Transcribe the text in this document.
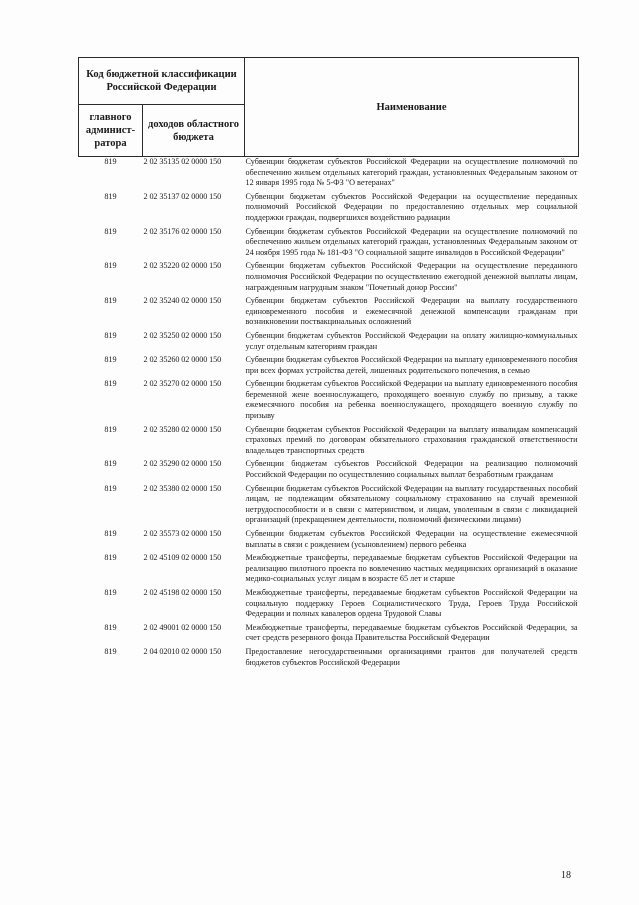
Код бюджетной классификации Российской Федерации		Наименование
главного админист-ратора	доходов областного бюджета	
819	2 02 35135 02 0000 150	Субвенции бюджетам субъектов Российской Федерации на осуществление полномочий по обеспечению жильем отдельных категорий граждан, установленных Федеральным законом от 12 января 1995 года № 5-ФЗ "О ветеранах"
819	2 02 35137 02 0000 150	Субвенции бюджетам субъектов Российской Федерации на осуществление переданных полномочий Российской Федерации по предоставлению отдельных мер социальной поддержки граждан, подвергшихся воздействию радиации
819	2 02 35176 02 0000 150	Субвенции бюджетам субъектов Российской Федерации на осуществление полномочий по обеспечению жильем отдельных категорий граждан, установленных Федеральным законом от 24 ноября 1995 года № 181-ФЗ "О социальной защите инвалидов в Российской Федерации"
819	2 02 35220 02 0000 150	Субвенции бюджетам субъектов Российской Федерации на осуществление переданного полномочия Российской Федерации по осуществлению ежегодной денежной выплаты лицам, награжденным нагрудным знаком "Почетный донор России"
819	2 02 35240 02 0000 150	Субвенции бюджетам субъектов Российской Федерации на выплату государственного единовременного пособия и ежемесячной денежной компенсации гражданам при возникновении поствакцинальных осложнений
819	2 02 35250 02 0000 150	Субвенции бюджетам субъектов Российской Федерации на оплату жилищно-коммунальных услуг отдельным категориям граждан
819	2 02 35260 02 0000 150	Субвенции бюджетам субъектов Российской Федерации на выплату единовременного пособия при всех формах устройства детей, лишенных родительского попечения, в семью
819	2 02 35270 02 0000 150	Субвенции бюджетам субъектов Российской Федерации на выплату единовременного пособия беременной жене военнослужащего, проходящего военную службу по призыву, а также ежемесячного пособия на ребенка военнослужащего, проходящего военную службу по призыву
819	2 02 35280 02 0000 150	Субвенции бюджетам субъектов Российской Федерации на выплату инвалидам компенсаций страховых премий по договорам обязательного страхования гражданской ответственности владельцев транспортных средств
819	2 02 35290 02 0000 150	Субвенции бюджетам субъектов Российской Федерации на реализацию полномочий Российской Федерации по осуществлению социальных выплат безработным гражданам
819	2 02 35380 02 0000 150	Субвенции бюджетам субъектов Российской Федерации на выплату государственных пособий лицам, не подлежащим обязательному социальному страхованию на случай временной нетрудоспособности и в связи с материнством, и лицам, уволенным в связи с ликвидацией организаций (прекращением деятельности, полномочий физическими лицами)
819	2 02 35573 02 0000 150	Субвенции бюджетам субъектов Российской Федерации на осуществление ежемесячной выплаты в связи с рождением (усыновлением) первого ребенка
819	2 02 45109 02 0000 150	Межбюджетные трансферты, передаваемые бюджетам субъектов Российской Федерации на реализацию пилотного проекта по вовлечению частных медицинских организаций в оказание медико-социальных услуг лицам в возрасте 65 лет и старше
819	2 02 45198 02 0000 150	Межбюджетные трансферты, передаваемые бюджетам субъектов Российской Федерации на социальную поддержку Героев Социалистического Труда, Героев Труда Российской Федерации и полных кавалеров ордена Трудовой Славы
819	2 02 49001 02 0000 150	Межбюджетные трансферты, передаваемые бюджетам субъектов Российской Федерации, за счет средств резервного фонда Правительства Российской Федерации
819	2 04 02010 02 0000 150	Предоставление негосударственными организациями грантов для получателей средств бюджетов субъектов Российской Федерации
18
